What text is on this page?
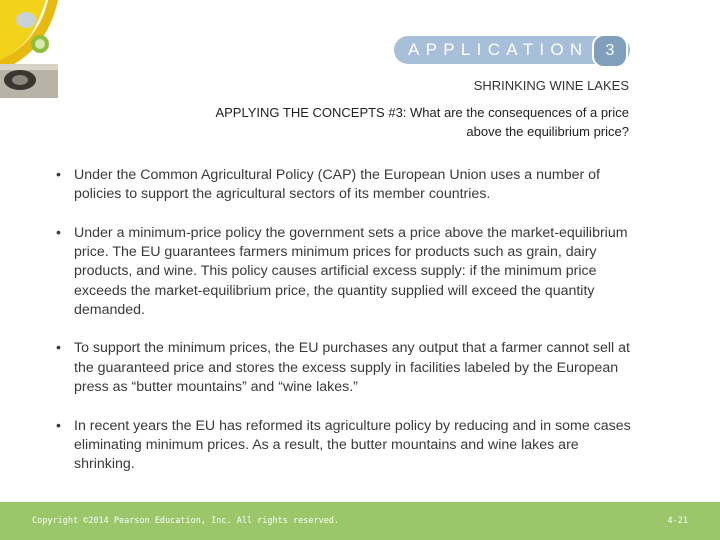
APPLICATION	3
SHRINKING WINE LAKES
APPLYING THE CONCEPTS #3: What are the consequences of a price
above the equilibrium price?
• Under the Common Agricultural Policy (CAP) the European Union uses a number of policies to support the agricultural sectors of its member countries.
• Under a minimum-price policy the government sets a price above the market-equilibrium price. The EU guarantees farmers minimum prices for products such as grain, dairy products, and wine. This policy causes artificial excess supply: if the minimum price exceeds the market-equilibrium price, the quantity supplied will exceed the quantity demanded.
• To support the minimum prices, the EU purchases any output that a farmer cannot sell at the guaranteed price and stores the excess supply in facilities labeled by the European press as “butter mountains” and “wine lakes.”
• In recent years the EU has reformed its agriculture policy by reducing and in some cases eliminating minimum prices. As a result, the butter mountains and wine lakes are shrinking.
Copyright ©2014 Pearson Education, Inc. All rights reserved.	4-21
